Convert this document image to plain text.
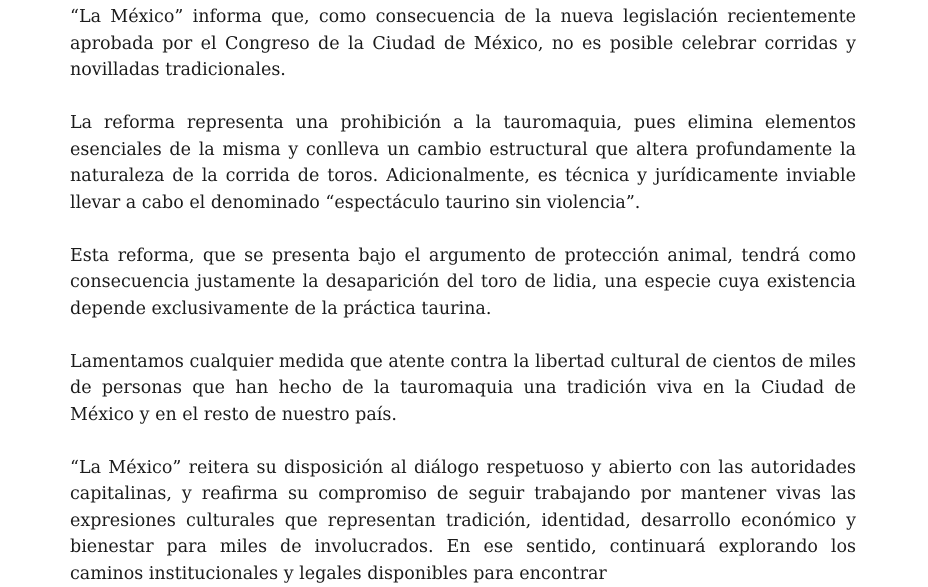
“La México” informa que, como consecuencia de la nueva legislación recientemente aprobada por el Congreso de la Ciudad de México, no es posible celebrar corridas y novilladas tradicionales.

La reforma representa una prohibición a la tauromaquia, pues elimina elementos esenciales de la misma y conlleva un cambio estructural que altera profundamente la naturaleza de la corrida de toros. Adicionalmente, es técnica y jurídicamente inviable llevar a cabo el denominado “espectáculo taurino sin violencia”.

Esta reforma, que se presenta bajo el argumento de protección animal, tendrá como consecuencia justamente la desaparición del toro de lidia, una especie cuya existencia depende exclusivamente de la práctica taurina.

Lamentamos cualquier medida que atente contra la libertad cultural de cientos de miles de personas que han hecho de la tauromaquia una tradición viva en la Ciudad de México y en el resto de nuestro país.

“La México” reitera su disposición al diálogo respetuoso y abierto con las autoridades capitalinas, y reafirma su compromiso de seguir trabajando por mantener vivas las expresiones culturales que representan tradición, identidad, desarrollo económico y bienestar para miles de involucrados. En ese sentido, continuará explorando los caminos institucionales y legales disponibles para encontrar
